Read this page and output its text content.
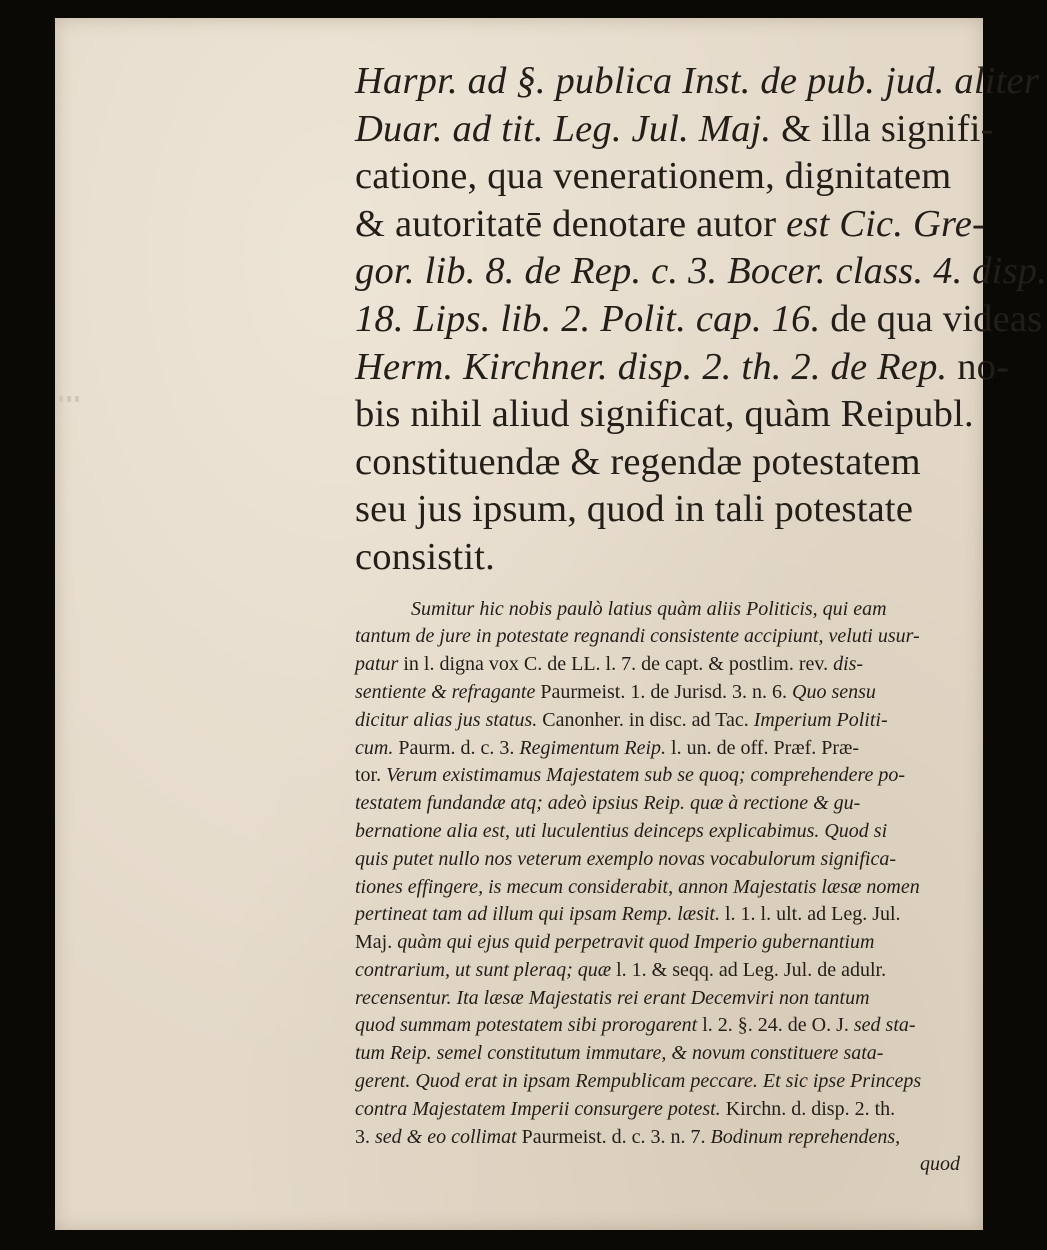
Harpr. ad §. publica Inst. de pub. jud. aliter

Duar. ad tit. Leg. Jul. Maj. & illa signifi-

catione, qua venerationem, dignitatem

& autoritatē denotare autor est Cic. Gre-

gor. lib. 8. de Rep. c. 3. Bocer. class. 4. disp.

18. Lips. lib. 2. Polit. cap. 16. de qua videas

Herm. Kirchner. disp. 2. th. 2. de Rep. no-

bis nihil aliud significat, quàm Reipubl.

constituendæ & regendæ potestatem

seu jus ipsum, quod in tali potestate

consistit.

Sumitur hic nobis paulò latius quàm aliis Politicis, qui eam

tantum de jure in potestate regnandi consistente accipiunt, veluti usur-

patur in l. digna vox C. de LL. l. 7. de capt. & postlim. rev. dis-

sentiente & refragante Paurmeist. 1. de Jurisd. 3. n. 6. Quo sensu

dicitur alias jus status. Canonher. in disc. ad Tac. Imperium Politi-

cum. Paurm. d. c. 3. Regimentum Reip. l. un. de off. Præf. Præ-

tor. Verum existimamus Majestatem sub se quoq; comprehendere po-

testatem fundandæ atq; adeò ipsius Reip. quæ à rectione & gu-

bernatione alia est, uti luculentius deinceps explicabimus. Quod si

quis putet nullo nos veterum exemplo novas vocabulorum significa-

tiones effingere, is mecum considerabit, annon Majestatis læsæ nomen

pertineat tam ad illum qui ipsam Remp. læsit. l. 1. l. ult. ad Leg. Jul.

Maj. quàm qui ejus quid perpetravit quod Imperio gubernantium

contrarium, ut sunt pleraq; quæ l. 1. & seqq. ad Leg. Jul. de adulr.

recensentur. Ita læsæ Majestatis rei erant Decemviri non tantum

quod summam potestatem sibi prorogarent l. 2. §. 24. de O. J. sed sta-

tum Reip. semel constitutum immutare, & novum constituere sata-

gerent. Quod erat in ipsam Rempublicam peccare. Et sic ipse Princeps

contra Majestatem Imperii consurgere potest. Kirchn. d. disp. 2. th.

3. sed & eo collimat Paurmeist. d. c. 3. n. 7. Bodinum reprehendens,

quod
